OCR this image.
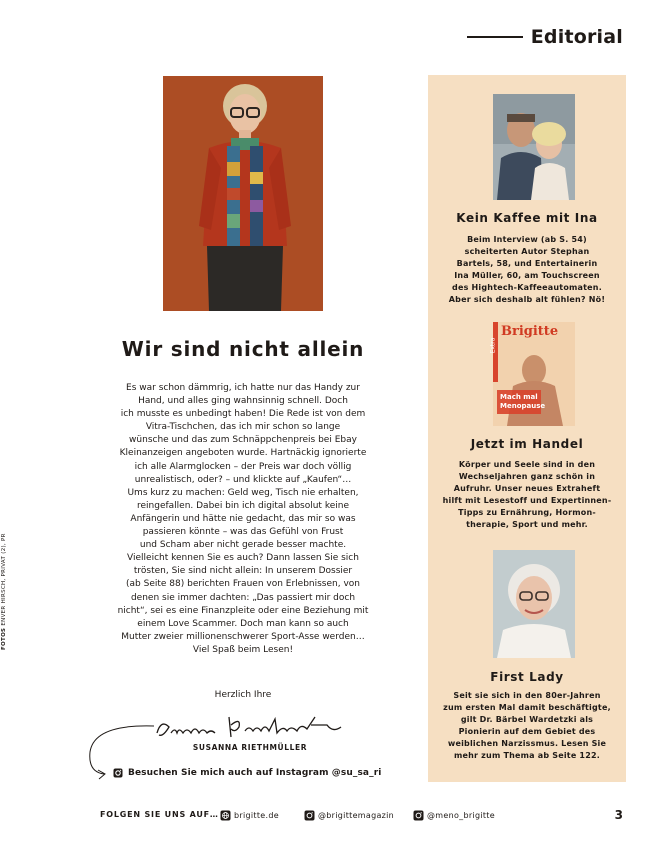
Editorial
Brigitte
Extra
Mach mal
Menopause
Kein Kaffee mit Ina
Beim Interview (ab S. 54)
scheiterten Autor Stephan
Bartels, 58, und Entertainerin
Ina Müller, 60, am Touchscreen
des Hightech-Kaffeeautomaten.
Aber sich deshalb alt fühlen? Nö!
Jetzt im Handel
Körper und Seele sind in den
Wechseljahren ganz schön in
Aufruhr. Unser neues Extraheft
hilft mit Lesestoff und Expertinnen-
Tipps zu Ernährung, Hormon-
therapie, Sport und mehr.
First Lady
Seit sie sich in den 80er-Jahren
zum ersten Mal damit beschäftigte,
gilt Dr. Bärbel Wardetzki als
Pionierin auf dem Gebiet des
weiblichen Narzissmus. Lesen Sie
mehr zum Thema ab Seite 122.
Wir sind nicht allein
Es war schon dämmrig, ich hatte nur das Handy zur
Hand, und alles ging wahnsinnig schnell. Doch
ich musste es unbedingt haben! Die Rede ist von dem
Vitra-Tischchen, das ich mir schon so lange
wünsche und das zum Schnäppchenpreis bei Ebay
Kleinanzeigen angeboten wurde. Hartnäckig ignorierte
ich alle Alarmglocken – der Preis war doch völlig
unrealistisch, oder? – und klickte auf „Kaufen“…
Ums kurz zu machen: Geld weg, Tisch nie erhalten,
reingefallen. Dabei bin ich digital absolut keine
Anfängerin und hätte nie gedacht, das mir so was
passieren könnte – was das Gefühl von Frust
und Scham aber nicht gerade besser machte.
Vielleicht kennen Sie es auch? Dann lassen Sie sich
trösten, Sie sind nicht allein: In unserem Dossier
(ab Seite 88) berichten Frauen von Erlebnissen, von
denen sie immer dachten: „Das passiert mir doch
nicht“, sei es eine Finanzpleite oder eine Beziehung mit
einem Love Scammer. Doch man kann so auch
Mutter zweier millionenschwerer Sport-Asse werden…
Viel Spaß beim Lesen!
Herzlich Ihre
SUSANNA RIETHMÜLLER
Besuchen Sie mich auch auf Instagram @su_sa_ri
FOTOS ENVER HIRSCH, PRIVAT (2), PR
FOLGEN SIE UNS AUF… brigitte.de	@brigittemagazin	@meno_brigitte	3
